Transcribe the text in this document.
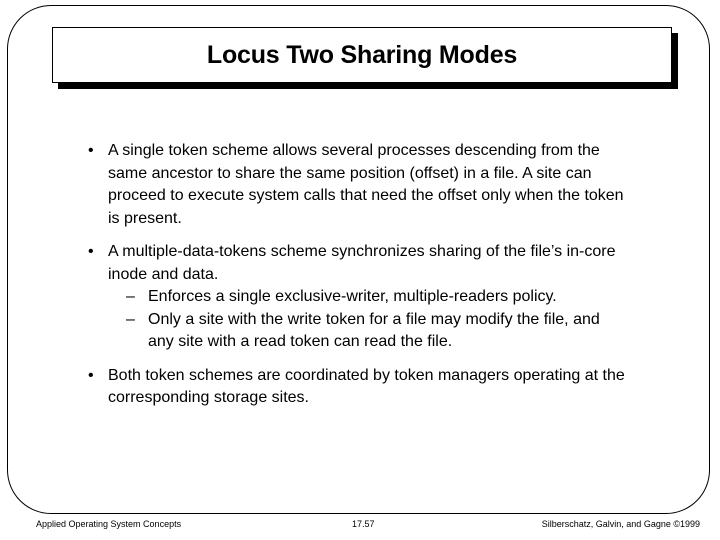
Locus Two Sharing Modes
• A single token scheme allows several processes descending from the same ancestor to share the same position (offset) in a file. A site can proceed to execute system calls that need the offset only when the token is present.
• A multiple-data-tokens scheme synchronizes sharing of the file’s in-core inode and data.
– Enforces a single exclusive-writer, multiple-readers policy.
– Only a site with the write token for a file may modify the file, and any site with a read token can read the file.
• Both token schemes are coordinated by token managers operating at the corresponding storage sites.
Applied Operating System Concepts	17.57	Silberschatz, Galvin, and Gagne ©1999
